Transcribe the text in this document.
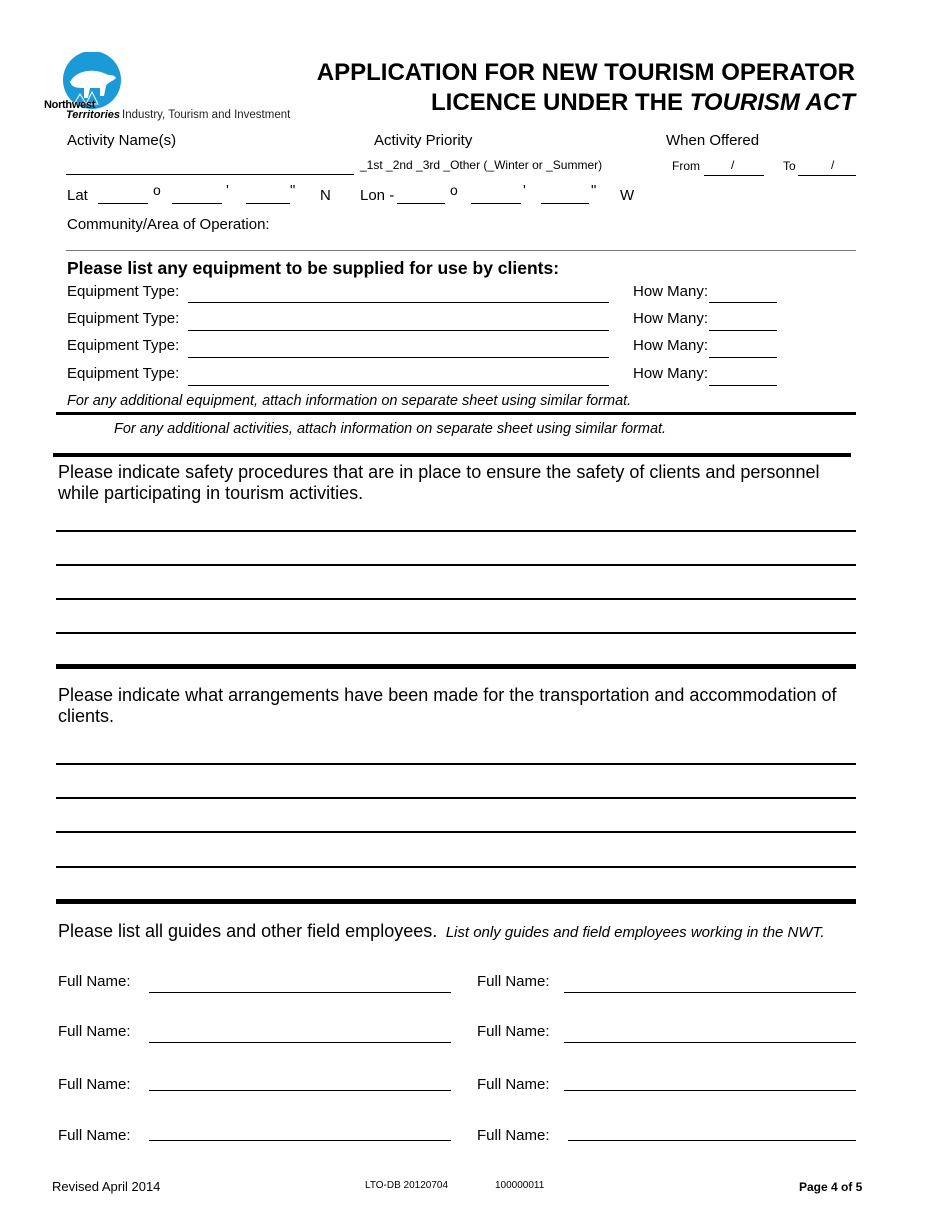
Northwest
Territories Industry, Tourism and Investment
APPLICATION FOR NEW TOURISM OPERATOR
LICENCE UNDER THE TOURISM ACT
Activity Name(s)	Activity Priority	When Offered
_1st _2nd _3rd _Other (_Winter or _Summer)	From	/	To	/
Lat	o	'	" N Lon -	o	'	" W
Community/Area of Operation:
Please list any equipment to be supplied for use by clients:
Equipment Type:	How Many:
Equipment Type:	How Many:
Equipment Type:	How Many:
Equipment Type:	How Many:
For any additional equipment, attach information on separate sheet using similar format.
For any additional activities, attach information on separate sheet using similar format.
Please indicate safety procedures that are in place to ensure the safety of clients and personnel while participating in tourism activities.
Please indicate what arrangements have been made for the transportation and accommodation of clients.
Please list all guides and other field employees. List only guides and field employees working in the NWT.
Full Name:	Full Name:
Full Name:	Full Name:
Full Name:	Full Name:
Full Name:	Full Name:
Revised April 2014	LTO-DB 20120704	100000011	Page 4 of 5
